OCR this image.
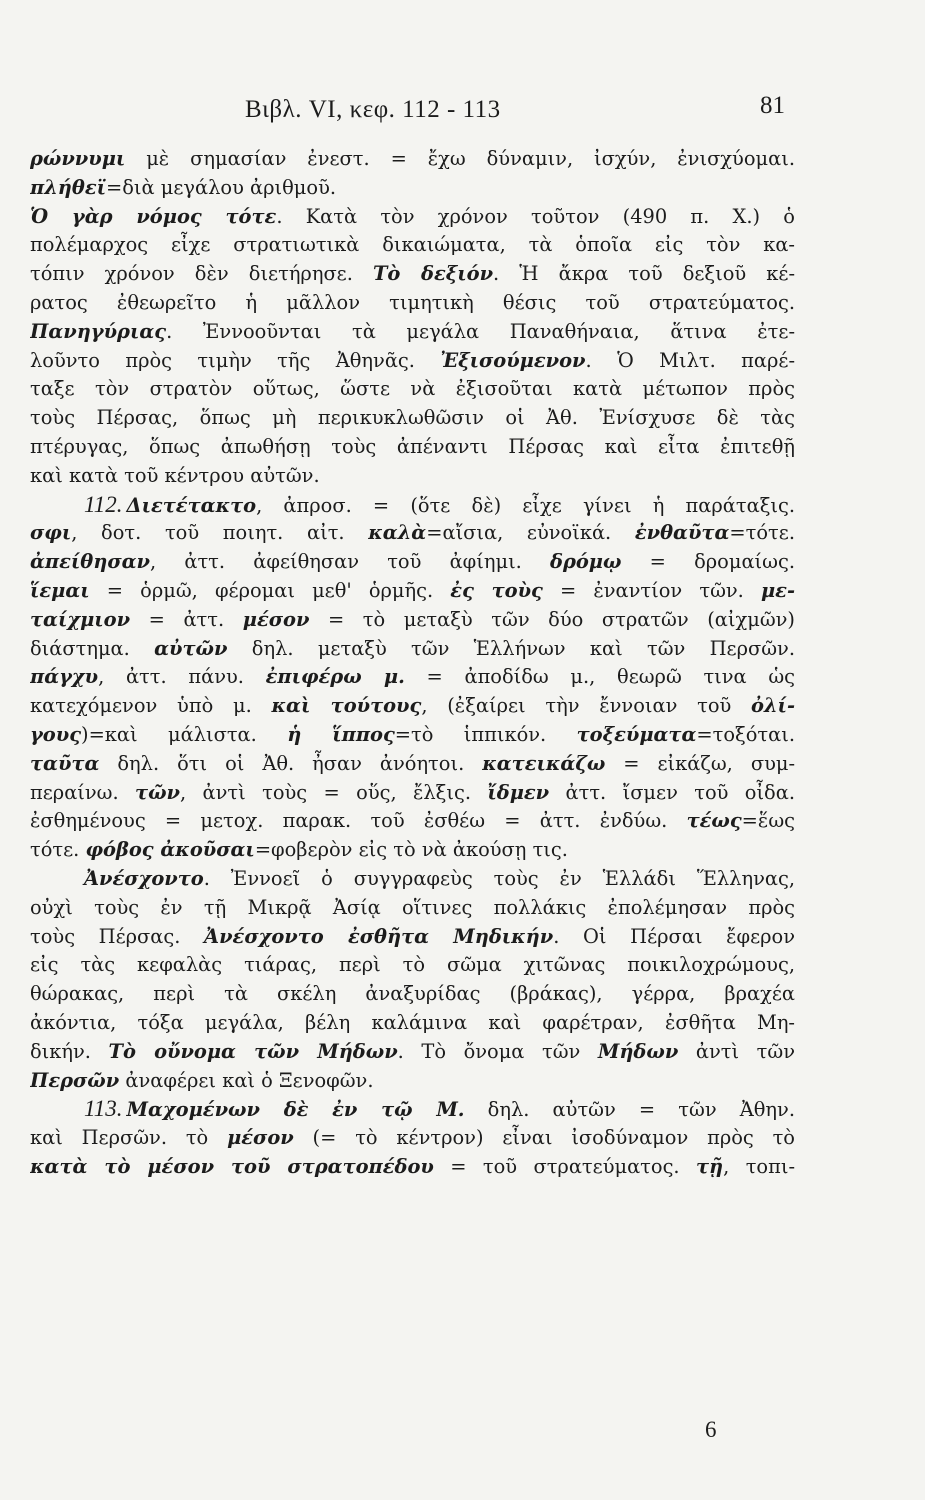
Βιβλ. VI, κεφ. 112 - 113	81
ρώννυμι μὲ σημασίαν ἐνεστ. = ἔχω δύναμιν, ἰσχύν, ἐνισχύομαι.
πλήθεϊ=διὰ μεγάλου ἀριθμοῦ.
Ὁ γὰρ νόμος τότε. Κατὰ τὸν χρόνον τοῦτον (490 π. Χ.) ὁ
πολέμαρχος εἶχε στρατιωτικὰ δικαιώματα, τὰ ὁποῖα εἰς τὸν κα-
τόπιν χρόνον δὲν διετήρησε. Τὸ δεξιόν. Ἡ ἄκρα τοῦ δεξιοῦ κέ-
ρατος ἐθεωρεῖτο ἡ μᾶλλον τιμητικὴ θέσις τοῦ στρατεύματος.
Πανηγύριας. Ἐννοοῦνται τὰ μεγάλα Παναθήναια, ἅτινα ἐτε-
λοῦντο πρὸς τιμὴν τῆς Ἀθηνᾶς. Ἐξισούμενον. Ὁ Μιλτ. παρέ-
ταξε τὸν στρατὸν οὕτως, ὥστε νὰ ἐξισοῦται κατὰ μέτωπον πρὸς
τοὺς Πέρσας, ὅπως μὴ περικυκλωθῶσιν οἱ Ἀθ. Ἐνίσχυσε δὲ τὰς
πτέρυγας, ὅπως ἀπωθήσῃ τοὺς ἀπέναντι Πέρσας καὶ εἶτα ἐπιτεθῇ
καὶ κατὰ τοῦ κέντρου αὐτῶν.
112. Διετέτακτο, ἀπροσ. = (ὅτε δὲ) εἶχε γίνει ἡ παράταξις.
σφι, δοτ. τοῦ ποιητ. αἰτ. καλὰ=αἴσια, εὐνοϊκά. ἐνθαῦτα=τότε.
ἀπείθησαν, ἀττ. ἀφείθησαν τοῦ ἀφίημι. δρόμῳ = δρομαίως.
ἵεμαι = ὁρμῶ, φέρομαι μεθ' ὁρμῆς. ἐς τοὺς = ἐναντίον τῶν. με-
ταίχμιον = ἀττ. μέσον = τὸ μεταξὺ τῶν δύο στρατῶν (αἰχμῶν)
διάστημα. αὐτῶν δηλ. μεταξὺ τῶν Ἑλλήνων καὶ τῶν Περσῶν.
πάγχυ, ἀττ. πάνυ. ἐπιφέρω μ. = ἀποδίδω μ., θεωρῶ τινα ὡς
κατεχόμενον ὑπὸ μ. καὶ τούτους, (ἐξαίρει τὴν ἔννοιαν τοῦ ὀλί-
γους)=καὶ μάλιστα. ἡ ἵππος=τὸ ἱππικόν. τοξεύματα=τοξόται.
ταῦτα δηλ. ὅτι οἱ Ἀθ. ἦσαν ἀνόητοι. κατεικάζω = εἰκάζω, συμ-
περαίνω. τῶν, ἀντὶ τοὺς = οὕς, ἔλξις. ἴδμεν ἀττ. ἴσμεν τοῦ οἶδα.
ἐσθημένους = μετοχ. παρακ. τοῦ ἐσθέω = ἀττ. ἐνδύω. τέως=ἕως
τότε. φόβος ἀκοῦσαι=φοβερὸν εἰς τὸ νὰ ἀκούσῃ τις.
Ἀνέσχοντο. Ἐννοεῖ ὁ συγγραφεὺς τοὺς ἐν Ἑλλάδι Ἕλληνας,
οὐχὶ τοὺς ἐν τῇ Μικρᾷ Ἀσίᾳ οἵτινες πολλάκις ἐπολέμησαν πρὸς
τοὺς Πέρσας. Ἀνέσχοντο ἐσθῆτα Μηδικήν. Οἱ Πέρσαι ἔφερον
εἰς τὰς κεφαλὰς τιάρας, περὶ τὸ σῶμα χιτῶνας ποικιλοχρώμους,
θώρακας, περὶ τὰ σκέλη ἀναξυρίδας (βράκας), γέρρα, βραχέα
ἀκόντια, τόξα μεγάλα, βέλη καλάμινα καὶ φαρέτραν, ἐσθῆτα Μη-
δικήν. Τὸ οὔνομα τῶν Μήδων. Τὸ ὄνομα τῶν Μήδων ἀντὶ τῶν
Περσῶν ἀναφέρει καὶ ὁ Ξενοφῶν.
113. Μαχομένων δὲ ἐν τῷ Μ. δηλ. αὐτῶν = τῶν Ἀθην.
καὶ Περσῶν. τὸ μέσον (= τὸ κέντρον) εἶναι ἰσοδύναμον πρὸς τὸ
κατὰ τὸ μέσον τοῦ στρατοπέδου = τοῦ στρατεύματος. τῇ, τοπι-
6
